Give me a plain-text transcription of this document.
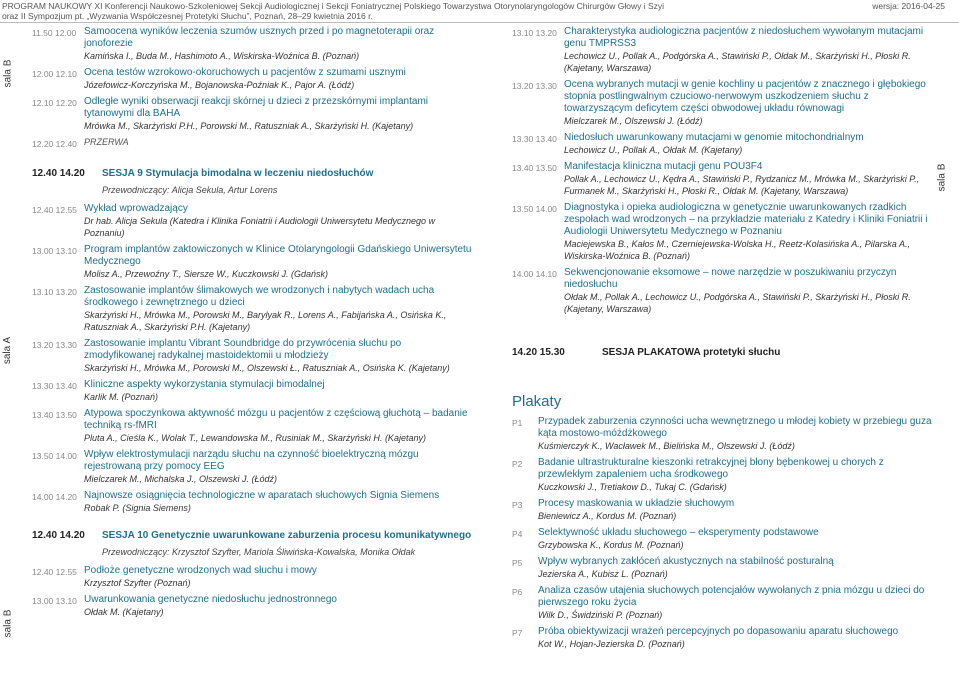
PROGRAM NAUKOWY XI Konferencji Naukowo-Szkoleniowej Sekcji Audiologicznej i Sekcji Foniatrycznej Polskiego Towarzystwa Otorynolaryngologów Chirurgów Głowy i Szyi
oraz II Sympozjum pt. „Wyzwania Współczesnej Protetyki Słuchu”, Poznań, 28–29 kwietnia 2016 r.
wersja: 2016-04-25
sala B
sala A
sala B
sala B
11.50 12.00 Samoocena wyników leczenia szumów usznych przed i po magnetoterapii oraz jonoforezie
Kamińska I., Buda M., Hashimoto A., Wiskirska-Woźnica B. (Poznań)
12.00 12.10 Ocena testów wzrokowo-okoruchowych u pacjentów z szumami usznymi
Józefowicz-Korczyńska M., Bojanowska-Poźniak K., Pajor A. (Łódź)
12.10 12.20 Odległe wyniki obserwacji reakcji skórnej u dzieci z przezskórnymi implantami tytanowymi dla BAHA
Mrówka M., Skarżyński P.H., Porowski M., Ratuszniak A., Skarżyński H. (Kajetany)
12.20 12.40 PRZERWA
12.40 14.20	SESJA 9 Stymulacja bimodalna w leczeniu niedosłuchów
Przewodniczący: Alicja Sekula, Artur Lorens
12.40 12.55 Wykład wprowadzający
Dr hab. Alicja Sekula (Katedra i Klinika Foniatrii i Audiologii Uniwersytetu Medycznego w Poznaniu)
13.00 13.10 Program implantów zaktowiczonych w Klinice Otolaryngologii Gdańskiego Uniwersytetu Medycznego
Molisz A., Przewoźny T., Siersze W., Kuczkowski J. (Gdańsk)
13.10 13.20 Zastosowanie implantów ślimakowych we wrodzonych i nabytych wadach ucha środkowego i zewnętrznego u dzieci
Skarżyński H., Mrówka M., Porowski M., Barylyak R., Lorens A., Fabijańska A., Osińska K., Ratuszniak A., Skarżyński P.H. (Kajetany)
13.20 13.30 Zastosowanie implantu Vibrant Soundbridge do przywrócenia słuchu po zmodyfikowanej radykalnej mastoidektomii u młodzieży
Skarżyński H., Mrówka M., Porowski M., Olszewski Ł., Ratuszniak A., Osińska K. (Kajetany)
13.30 13.40 Kliniczne aspekty wykorzystania stymulacji bimodalnej
Karlik M. (Poznań)
13.40 13.50 Atypowa spoczynkowa aktywność mózgu u pacjentów z częściową głuchotą – badanie techniką rs-fMRI
Pluta A., Cieśla K., Wolak T., Lewandowska M., Rusiniak M., Skarżyński H. (Kajetany)
13.50 14.00 Wpływ elektrostymulacji narządu słuchu na czynność bioelektryczną mózgu rejestrowaną przy pomocy EEG
Mielczarek M., Michalska J., Olszewski J. (Łódź)
14.00 14.20 Najnowsze osiągnięcia technologiczne w aparatach słuchowych Signia Siemens
Robak P. (Signia Siemens)
12.40 14.20	SESJA 10 Genetycznie uwarunkowane zaburzenia procesu komunikatywnego
Przewodniczący: Krzysztof Szyfter, Mariola Śliwińska-Kowalska, Monika Ołdak
12.40 12.55 Podłoże genetyczne wrodzonych wad słuchu i mowy
Krzysztof Szyfter (Poznań)
13.00 13.10 Uwarunkowania genetyczne niedosłuchu jednostronnego
Ołdak M. (Kajetany)
13.10 13.20 Charakterystyka audiologiczna pacjentów z niedosłuchem wywołanym mutacjami genu TMPRSS3
Lechowicz U., Pollak A., Podgórska A., Stawiński P., Ołdak M., Skarżyński H., Płoski R. (Kajetany, Warszawa)
13.20 13.30 Ocena wybranych mutacji w genie kochliny u pacjentów z znacznego i głębokiego stopnia postlingwalnym czuciowo-nerwowym uszkodzeniem słuchu z towarzyszącym deficytem części obwodowej układu równowagi
Mielczarek M., Olszewski J. (Łódź)
13.30 13.40 Niedosłuch uwarunkowany mutacjami w genomie mitochondrialnym
Lechowicz U., Pollak A., Ołdak M. (Kajetany)
13.40 13.50 Manifestacja kliniczna mutacji genu POU3F4
Pollak A., Lechowicz U., Kędra A., Stawiński P., Rydzanicz M., Mrówka M., Skarżyński P., Furmanek M., Skarżyński H., Płoski R., Ołdak M. (Kajetany, Warszawa)
13.50 14.00 Diagnostyka i opieka audiologiczna w genetycznie uwarunkowanych rzadkich zespołach wad wrodzonych – na przykładzie materiału z Katedry i Kliniki Foniatrii i Audiologii Uniwersytetu Medycznego w Poznaniu
Maciejewska B., Kałos M., Czerniejewska-Wolska H., Reetz-Kolasińska A., Pilarska A., Wiskirska-Woźnica B. (Poznań)
14.00 14.10 Sekwencjonowanie eksomowe – nowe narzędzie w poszukiwaniu przyczyn niedosłuchu
Ołdak M., Pollak A., Lechowicz U., Podgórska A., Stawiński P., Skarżyński H., Płoski R. (Kajetany, Warszawa)
14.20 15.30	SESJA PLAKATOWA protetyki słuchu
Plakaty
P1	Przypadek zaburzenia czynności ucha wewnętrznego u młodej kobiety w przebiegu guza kąta mostowo-móżdżkowego
Kuśmierczyk K., Wacławek M., Bielińska M., Olszewski J. (Łódź)
P2	Badanie ultrastrukturalne kieszonki retrakcyjnej błony bębenkowej u chorych z przewlekłym zapaleniem ucha środkowego
Kuczkowski J., Tretiakow D., Tukaj C. (Gdańsk)
P3	Procesy maskowania w układzie słuchowym
Bieniewicz A., Kordus M. (Poznań)
P4	Selektywność układu słuchowego – eksperymenty podstawowe
Grzybowska K., Kordus M. (Poznań)
P5	Wpływ wybranych zakłóceń akustycznych na stabilność posturalną
Jezierska A., Kubisz L. (Poznań)
P6	Analiza czasów utajenia słuchowych potencjałów wywołanych z pnia mózgu u dzieci do pierwszego roku życia
Wilk D., Świdziński P. (Poznań)
P7	Próba obiektywizacji wrażeń percepcyjnych po dopasowaniu aparatu słuchowego
Kot W., Hojan-Jezierska D. (Poznań)
